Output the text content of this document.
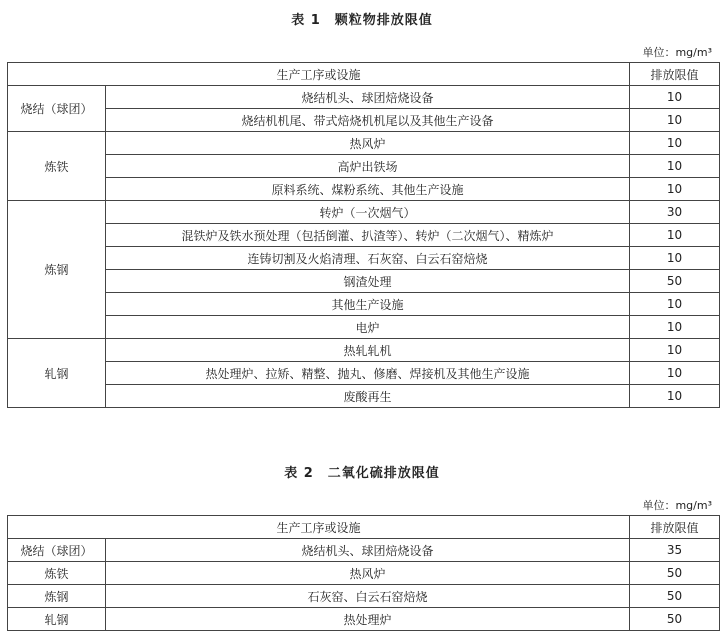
表 1　颗粒物排放限值
单位：mg/m³
生产工序或设施		排放限值
烧结（球团）	烧结机头、球团焙烧设备	10
	烧结机机尾、带式焙烧机机尾以及其他生产设备	10
炼铁	热风炉	10
	高炉出铁场	10
	原料系统、煤粉系统、其他生产设施	10
炼钢	转炉（一次烟气）	30
	混铁炉及铁水预处理（包括倒灌、扒渣等）、转炉（二次烟气）、精炼炉	10
	连铸切割及火焰清理、石灰窑、白云石窑焙烧	10
	钢渣处理	50
	其他生产设施	10
	电炉	10
轧钢	热轧轧机	10
	热处理炉、拉矫、精整、抛丸、修磨、焊接机及其他生产设施	10
	废酸再生	10
表 2　二氧化硫排放限值
单位：mg/m³
生产工序或设施		排放限值
烧结（球团）	烧结机头、球团焙烧设备	35
炼铁	热风炉	50
炼钢	石灰窑、白云石窑焙烧	50
轧钢	热处理炉	50
